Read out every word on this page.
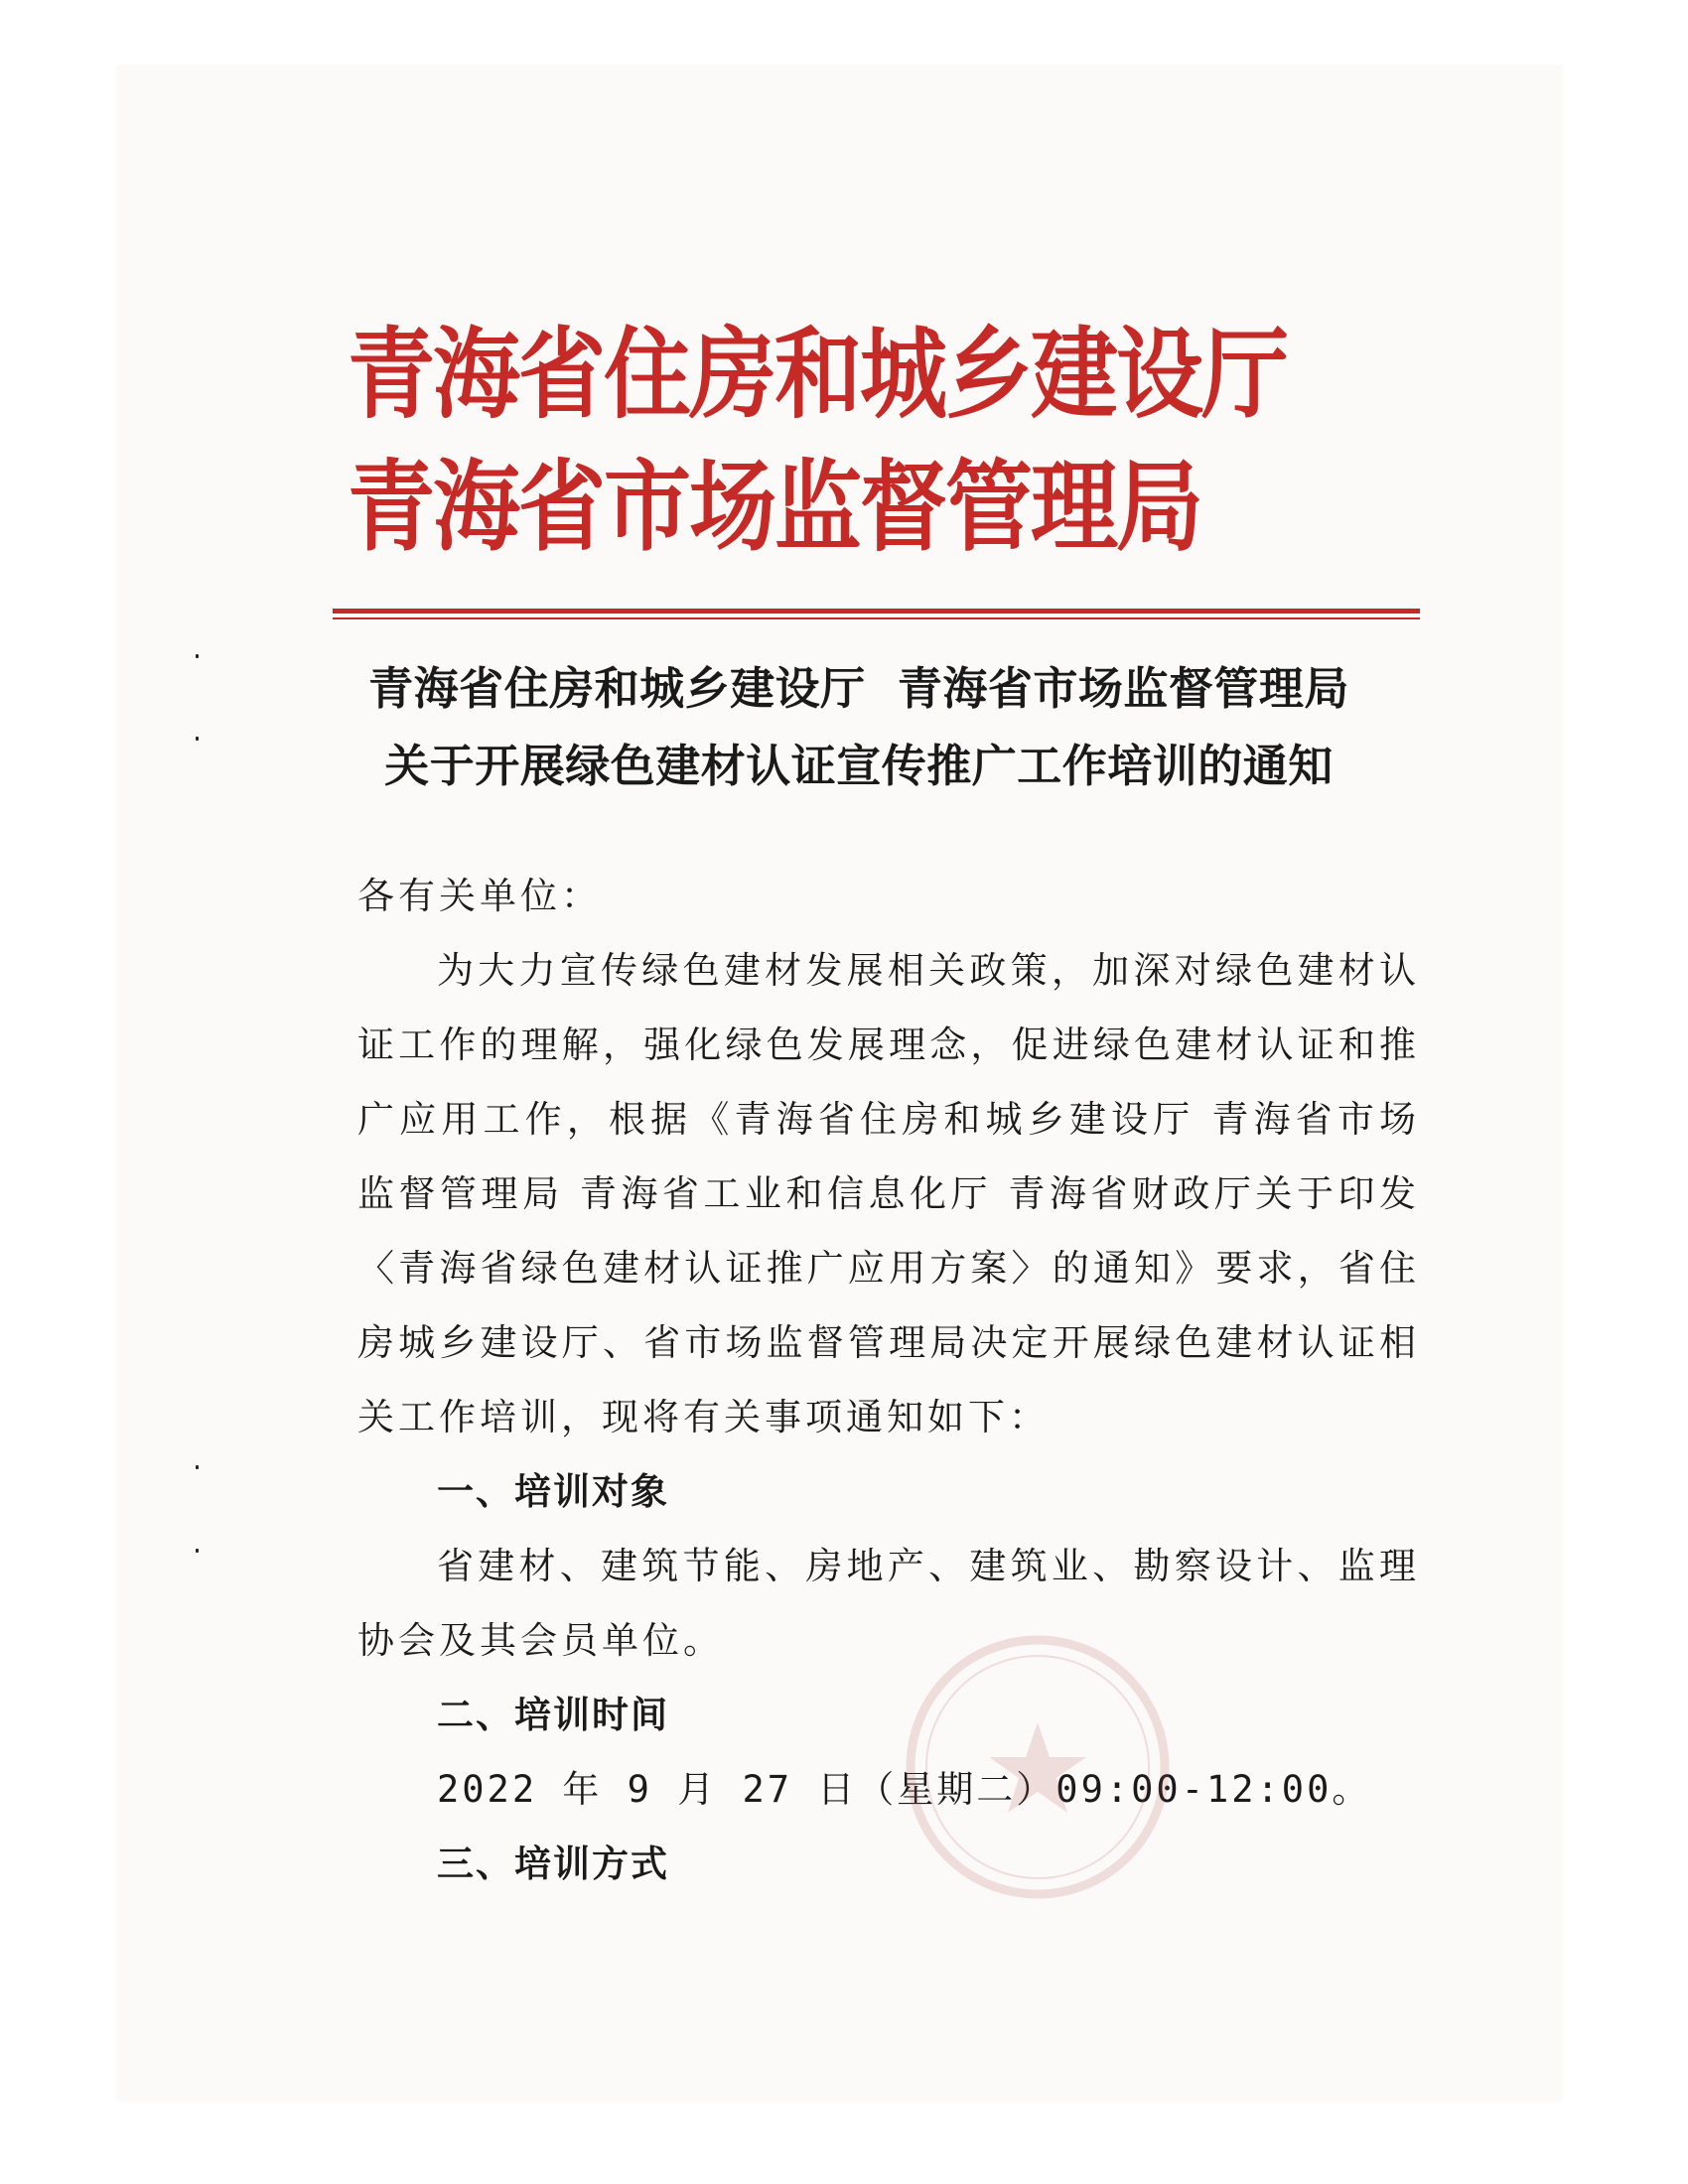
青海省住房和城乡建设厅
青海省市场监督管理局
青海省住房和城乡建设厅  青海省市场监督管理局
关于开展绿色建材认证宣传推广工作培训的通知

各有关单位：

为大力宣传绿色建材发展相关政策，加深对绿色建材认证工作的理解，强化绿色发展理念，促进绿色建材认证和推广应用工作，根据《青海省住房和城乡建设厅 青海省市场监督管理局 青海省工业和信息化厅 青海省财政厅关于印发〈青海省绿色建材认证推广应用方案〉的通知》要求，省住房城乡建设厅、省市场监督管理局决定开展绿色建材认证相关工作培训，现将有关事项通知如下：

一、培训对象

省建材、建筑节能、房地产、建筑业、勘察设计、监理协会及其会员单位。

二、培训时间

2022 年 9 月 27 日（星期二）09:00-12:00。

三、培训方式
